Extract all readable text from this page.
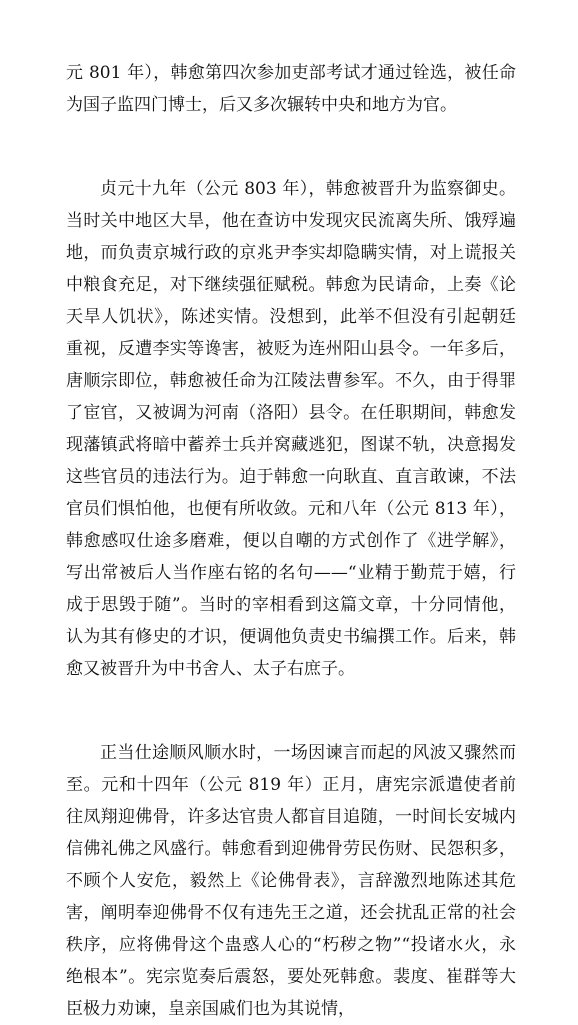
元 801 年），韩愈第四次参加吏部考试才通过铨选，被任命为国子监四门博士，后又多次辗转中央和地方为官。

贞元十九年（公元 803 年），韩愈被晋升为监察御史。当时关中地区大旱，他在查访中发现灾民流离失所、饿殍遍地，而负责京城行政的京兆尹李实却隐瞒实情，对上谎报关中粮食充足，对下继续强征赋税。韩愈为民请命，上奏《论天旱人饥状》，陈述实情。没想到，此举不但没有引起朝廷重视，反遭李实等谗害，被贬为连州阳山县令。一年多后，唐顺宗即位，韩愈被任命为江陵法曹参军。不久，由于得罪了宦官，又被调为河南（洛阳）县令。在任职期间，韩愈发现藩镇武将暗中蓄养士兵并窝藏逃犯，图谋不轨，决意揭发这些官员的违法行为。迫于韩愈一向耿直、直言敢谏，不法官员们惧怕他，也便有所收敛。元和八年（公元 813 年），韩愈感叹仕途多磨难，便以自嘲的方式创作了《进学解》，写出常被后人当作座右铭的名句——“业精于勤荒于嬉，行成于思毁于随”。当时的宰相看到这篇文章，十分同情他，认为其有修史的才识，便调他负责史书编撰工作。后来，韩愈又被晋升为中书舍人、太子右庶子。

正当仕途顺风顺水时，一场因谏言而起的风波又骤然而至。元和十四年（公元 819 年）正月，唐宪宗派遣使者前往凤翔迎佛骨，许多达官贵人都盲目追随，一时间长安城内信佛礼佛之风盛行。韩愈看到迎佛骨劳民伤财、民怨积多，不顾个人安危，毅然上《论佛骨表》，言辞激烈地陈述其危害，阐明奉迎佛骨不仅有违先王之道，还会扰乱正常的社会秩序，应将佛骨这个蛊惑人心的“朽秽之物”“投诸水火，永绝根本”。宪宗览奏后震怒，要处死韩愈。裴度、崔群等大臣极力劝谏，皇亲国戚们也为其说情，
